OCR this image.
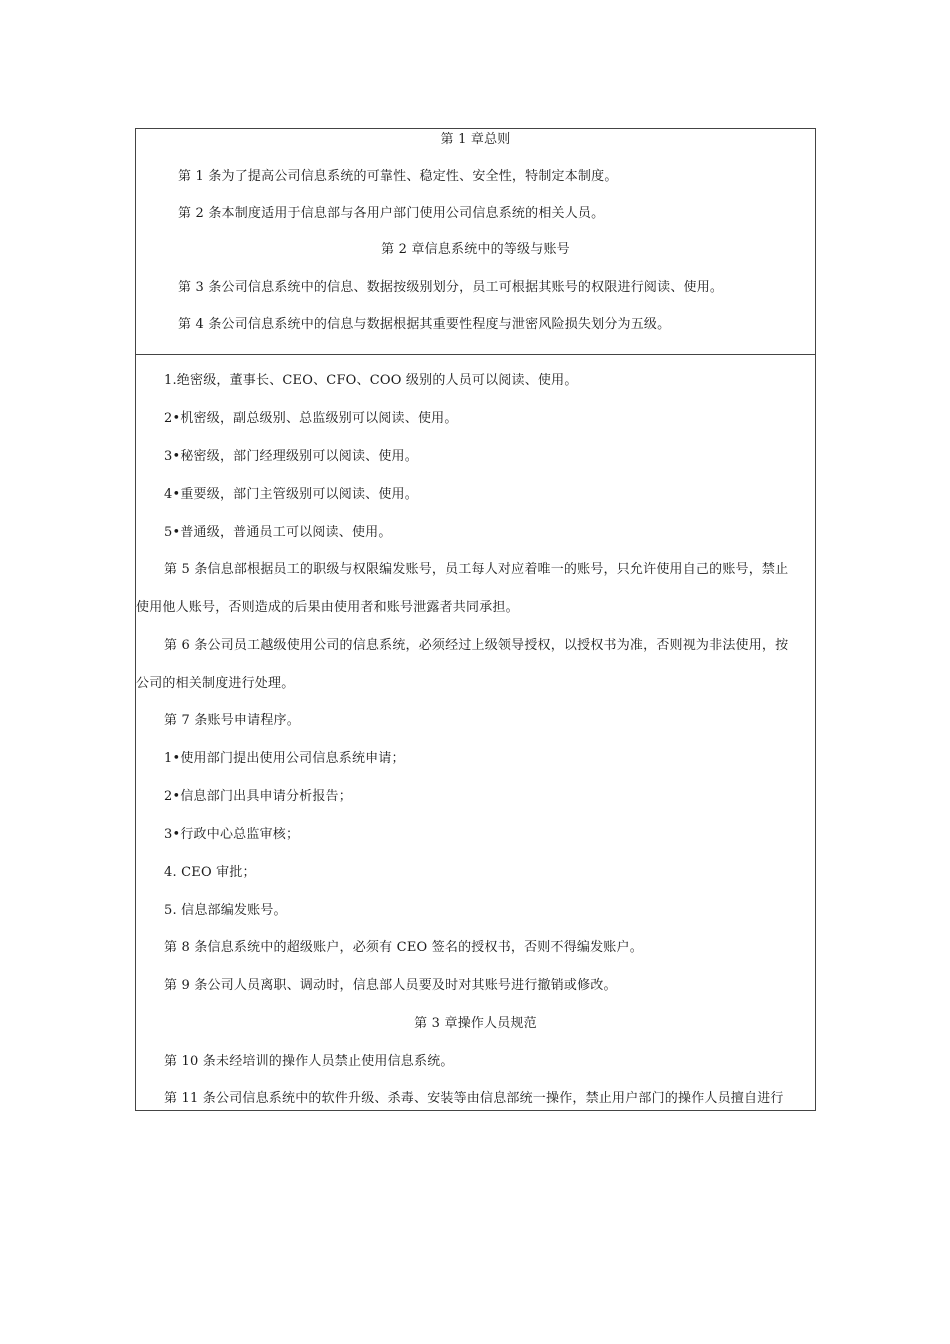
第 1 章总则
第 1 条为了提高公司信息系统的可靠性、稳定性、安全性，特制定本制度。
第 2 条本制度适用于信息部与各用户部门使用公司信息系统的相关人员。
第 2 章信息系统中的等级与账号
第 3 条公司信息系统中的信息、数据按级别划分，员工可根据其账号的权限进行阅读、使用。
第 4 条公司信息系统中的信息与数据根据其重要性程度与泄密风险损失划分为五级。
1.绝密级，董事长、CEO、CFO、COO 级别的人员可以阅读、使用。
2•机密级，副总级别、总监级别可以阅读、使用。
3•秘密级，部门经理级别可以阅读、使用。
4•重要级，部门主管级别可以阅读、使用。
5•普通级，普通员工可以阅读、使用。
第 5 条信息部根据员工的职级与权限编发账号，员工每人对应着唯一的账号，只允许使用自己的账号，禁止
使用他人账号，否则造成的后果由使用者和账号泄露者共同承担。
第 6 条公司员工越级使用公司的信息系统，必须经过上级领导授权，以授权书为准，否则视为非法使用，按
公司的相关制度进行处理。
第 7 条账号申请程序。
1•使用部门提出使用公司信息系统申请；
2•信息部门出具申请分析报告；
3•行政中心总监审核；
4. CEO 审批；
5. 信息部编发账号。
第 8 条信息系统中的超级账户，必须有 CEO 签名的授权书，否则不得编发账户。
第 9 条公司人员离职、调动时，信息部人员要及时对其账号进行撤销或修改。
第 3 章操作人员规范
第 10 条未经培训的操作人员禁止使用信息系统。
第 11 条公司信息系统中的软件升级、杀毒、安装等由信息部统一操作，禁止用户部门的操作人员擅自进行
